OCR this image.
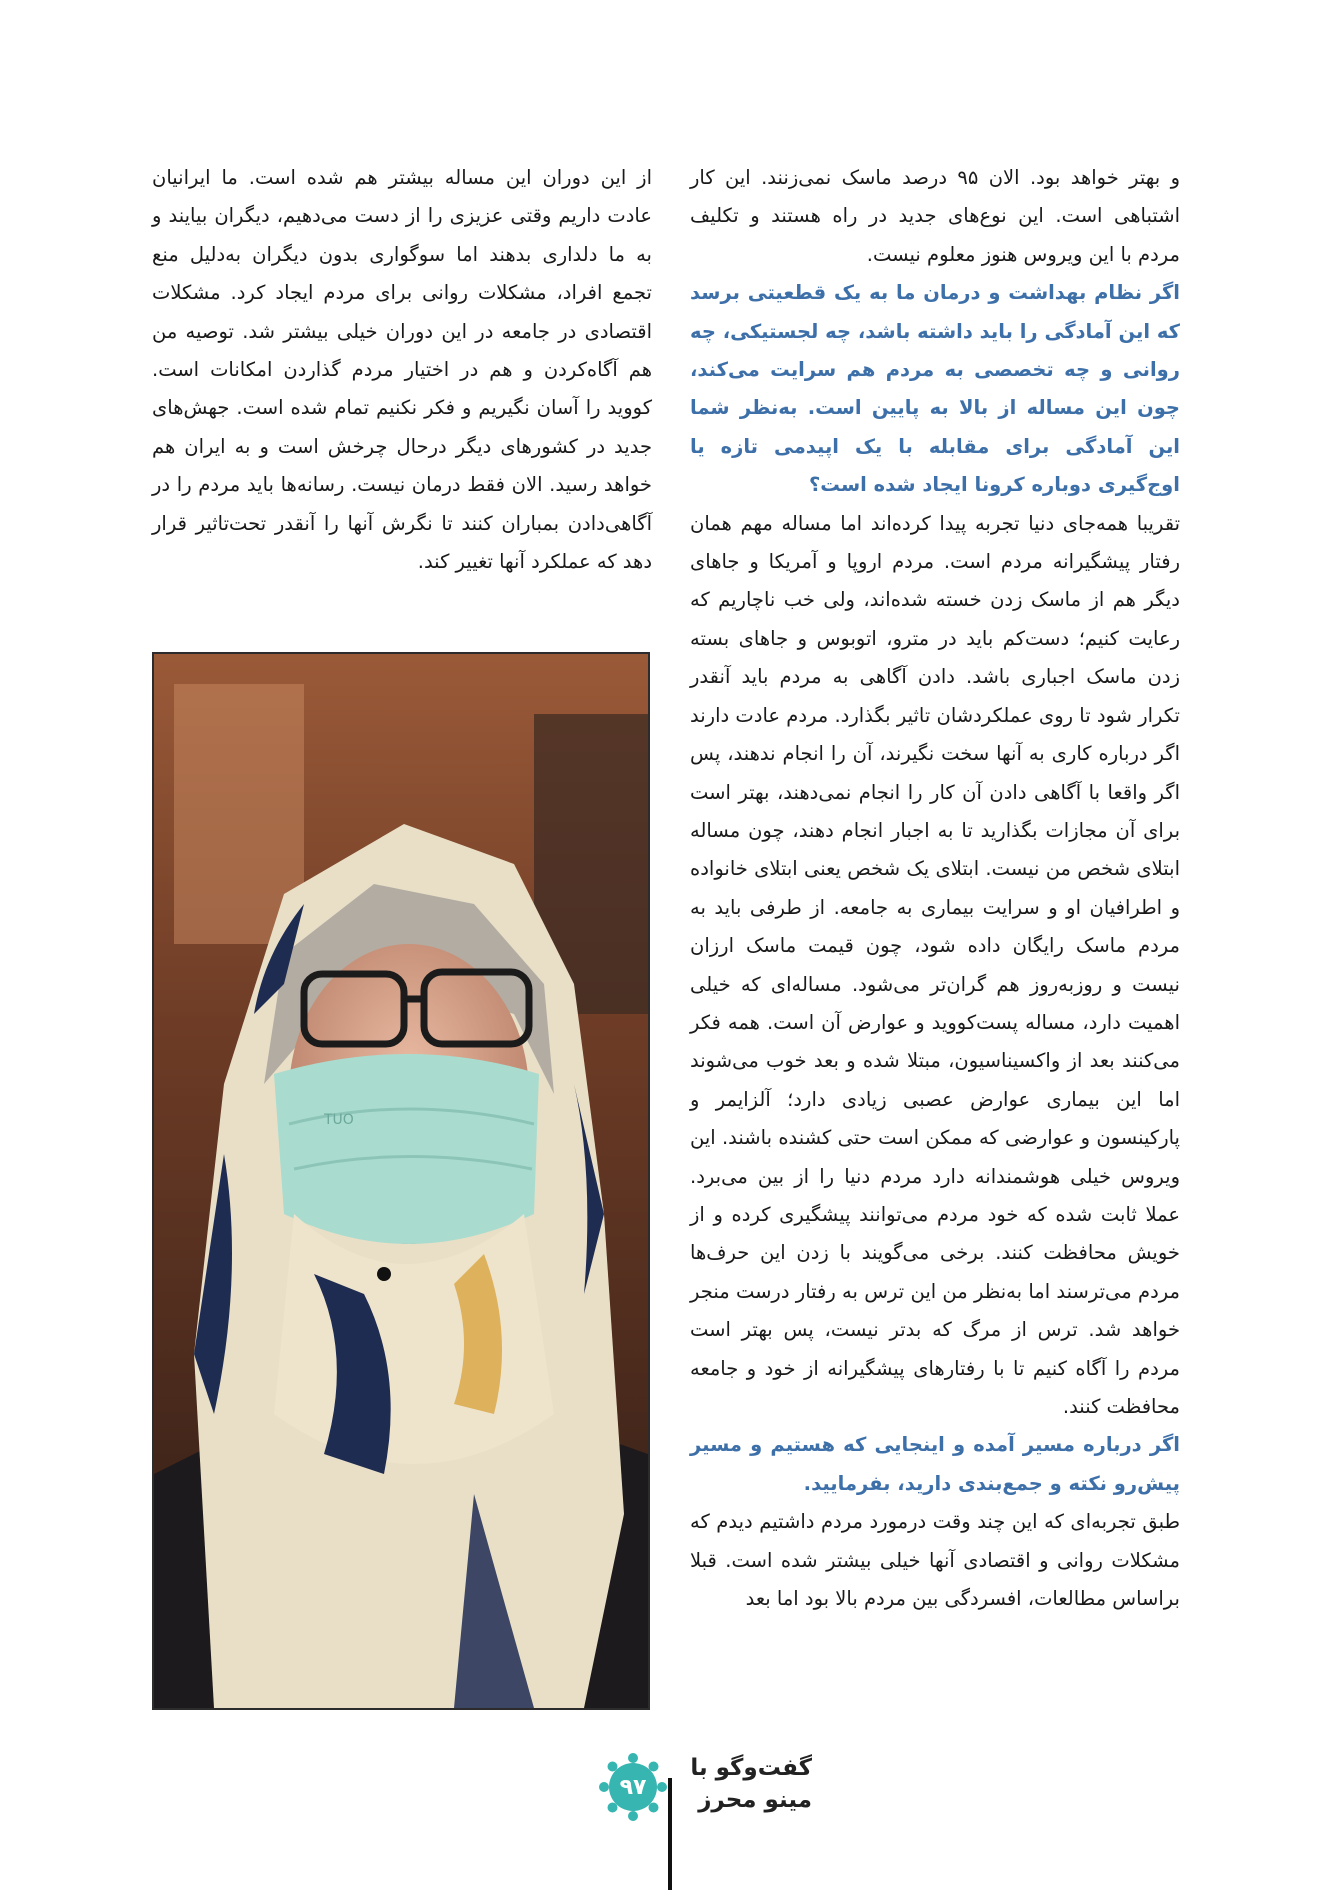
و بهتر خواهد بود. الان ۹۵ درصد ماسک نمی‌زنند. این کار اشتباهی است. این نوع‌های جدید در راه هستند و تکلیف مردم با این ویروس هنوز معلوم نیست.

اگر نظام بهداشت و درمان ما به یک قطعیتی برسد که این آمادگی را باید داشته باشد، چه لجستیکی، چه روانی و چه تخصصی به مردم هم سرایت می‌کند، چون این مساله از بالا به پایین است. به‌نظر شما این آمادگی برای مقابله با یک اپیدمی تازه یا اوج‌گیری دوباره کرونا ایجاد شده است؟

تقریبا همه‌جای دنیا تجربه پیدا کرده‌اند اما مساله مهم همان رفتار پیشگیرانه مردم است. مردم اروپا و آمریکا و جاهای دیگر هم از ماسک زدن خسته شده‌اند، ولی خب ناچاریم که رعایت کنیم؛ دست‌کم باید در مترو، اتوبوس و جاهای بسته زدن ماسک اجباری باشد. دادن آگاهی به مردم باید آنقدر تکرار شود تا روی عملکردشان تاثیر بگذارد. مردم عادت دارند اگر درباره کاری به آنها سخت نگیرند، آن را انجام ندهند، پس اگر واقعا با آگاهی دادن آن کار را انجام نمی‌دهند، بهتر است برای آن مجازات بگذارید تا به اجبار انجام دهند، چون مساله ابتلای شخص من نیست. ابتلای یک شخص یعنی ابتلای خانواده و اطرافیان او و سرایت بیماری به جامعه. از طرفی باید به مردم ماسک رایگان داده شود، چون قیمت ماسک ارزان نیست و روزبه‌روز هم گران‌تر می‌شود. مساله‌ای که خیلی اهمیت دارد، مساله پست‌کووید و عوارض آن است. همه فکر می‌کنند بعد از واکسیناسیون، مبتلا شده و بعد خوب می‌شوند اما این بیماری عوارض عصبی زیادی دارد؛ آلزایمر و پارکینسون و عوارضی که ممکن است حتی کشنده باشند. این ویروس خیلی هوشمندانه دارد مردم دنیا را از بین می‌برد. عملا ثابت شده که خود مردم می‌توانند پیشگیری کرده و از خویش محافظت کنند. برخی می‌گویند با زدن این حرف‌ها مردم می‌ترسند اما به‌نظر من این ترس به رفتار درست منجر خواهد شد. ترس از مرگ که بدتر نیست، پس بهتر است مردم را آگاه کنیم تا با رفتارهای پیشگیرانه از خود و جامعه محافظت کنند.

اگر درباره مسیر آمده و اینجایی که هستیم و مسیر پیش‌رو نکته و جمع‌بندی دارید، بفرمایید.

طبق تجربه‌ای که این چند وقت درمورد مردم داشتیم دیدم که مشکلات روانی و اقتصادی آنها خیلی بیشتر شده است. قبلا براساس مطالعات، افسردگی بین مردم بالا بود اما بعد

از این دوران این مساله بیشتر هم شده است. ما ایرانیان عادت داریم وقتی عزیزی را از دست می‌دهیم، دیگران بیایند و به ما دلداری بدهند اما سوگواری بدون دیگران به‌دلیل منع تجمع افراد، مشکلات روانی برای مردم ایجاد کرد. مشکلات اقتصادی در جامعه در این دوران خیلی بیشتر شد. توصیه من هم آگاه‌کردن و هم در اختیار مردم گذاردن امکانات است. کووید را آسان نگیریم و فکر نکنیم تمام شده است. جهش‌های جدید در کشورهای دیگر درحال چرخش است و به ایران هم خواهد رسید. الان فقط درمان نیست. رسانه‌ها باید مردم را در آگاهی‌دادن بمباران کنند تا نگرش آنها را آنقدر تحت‌تاثیر قرار دهد که عملکرد آنها تغییر کند.

TUO
۹۷
گفت‌وگو با
مینو محرز
